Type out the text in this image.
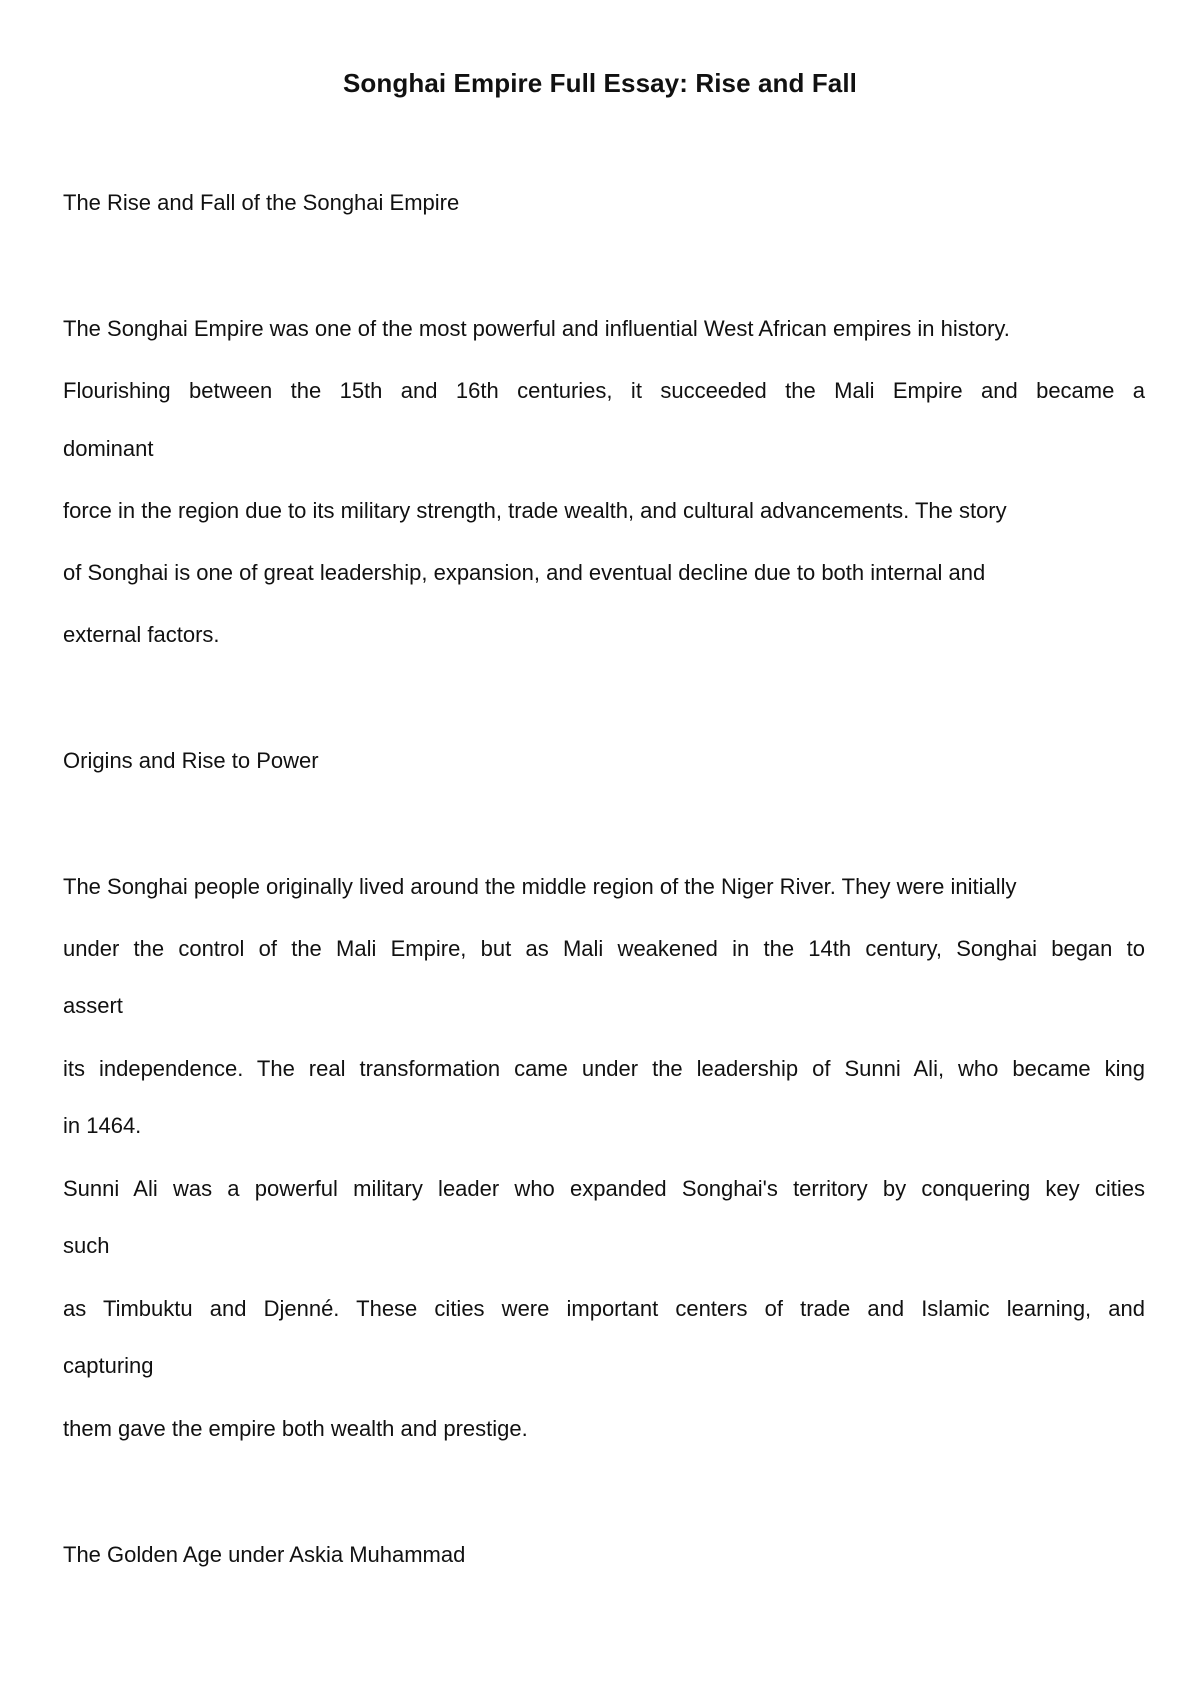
Songhai Empire Full Essay: Rise and Fall
The Rise and Fall of the Songhai Empire
The Songhai Empire was one of the most powerful and influential West African empires in history.
Flourishing between the 15th and 16th centuries, it succeeded the Mali Empire and became a
dominant
force in the region due to its military strength, trade wealth, and cultural advancements. The story
of Songhai is one of great leadership, expansion, and eventual decline due to both internal and
external factors.
Origins and Rise to Power
The Songhai people originally lived around the middle region of the Niger River. They were initially
under the control of the Mali Empire, but as Mali weakened in the 14th century, Songhai began to
assert
its independence. The real transformation came under the leadership of Sunni Ali, who became king
in 1464.
Sunni Ali was a powerful military leader who expanded Songhai's territory by conquering key cities
such
as Timbuktu and Djenné. These cities were important centers of trade and Islamic learning, and
capturing
them gave the empire both wealth and prestige.
The Golden Age under Askia Muhammad
